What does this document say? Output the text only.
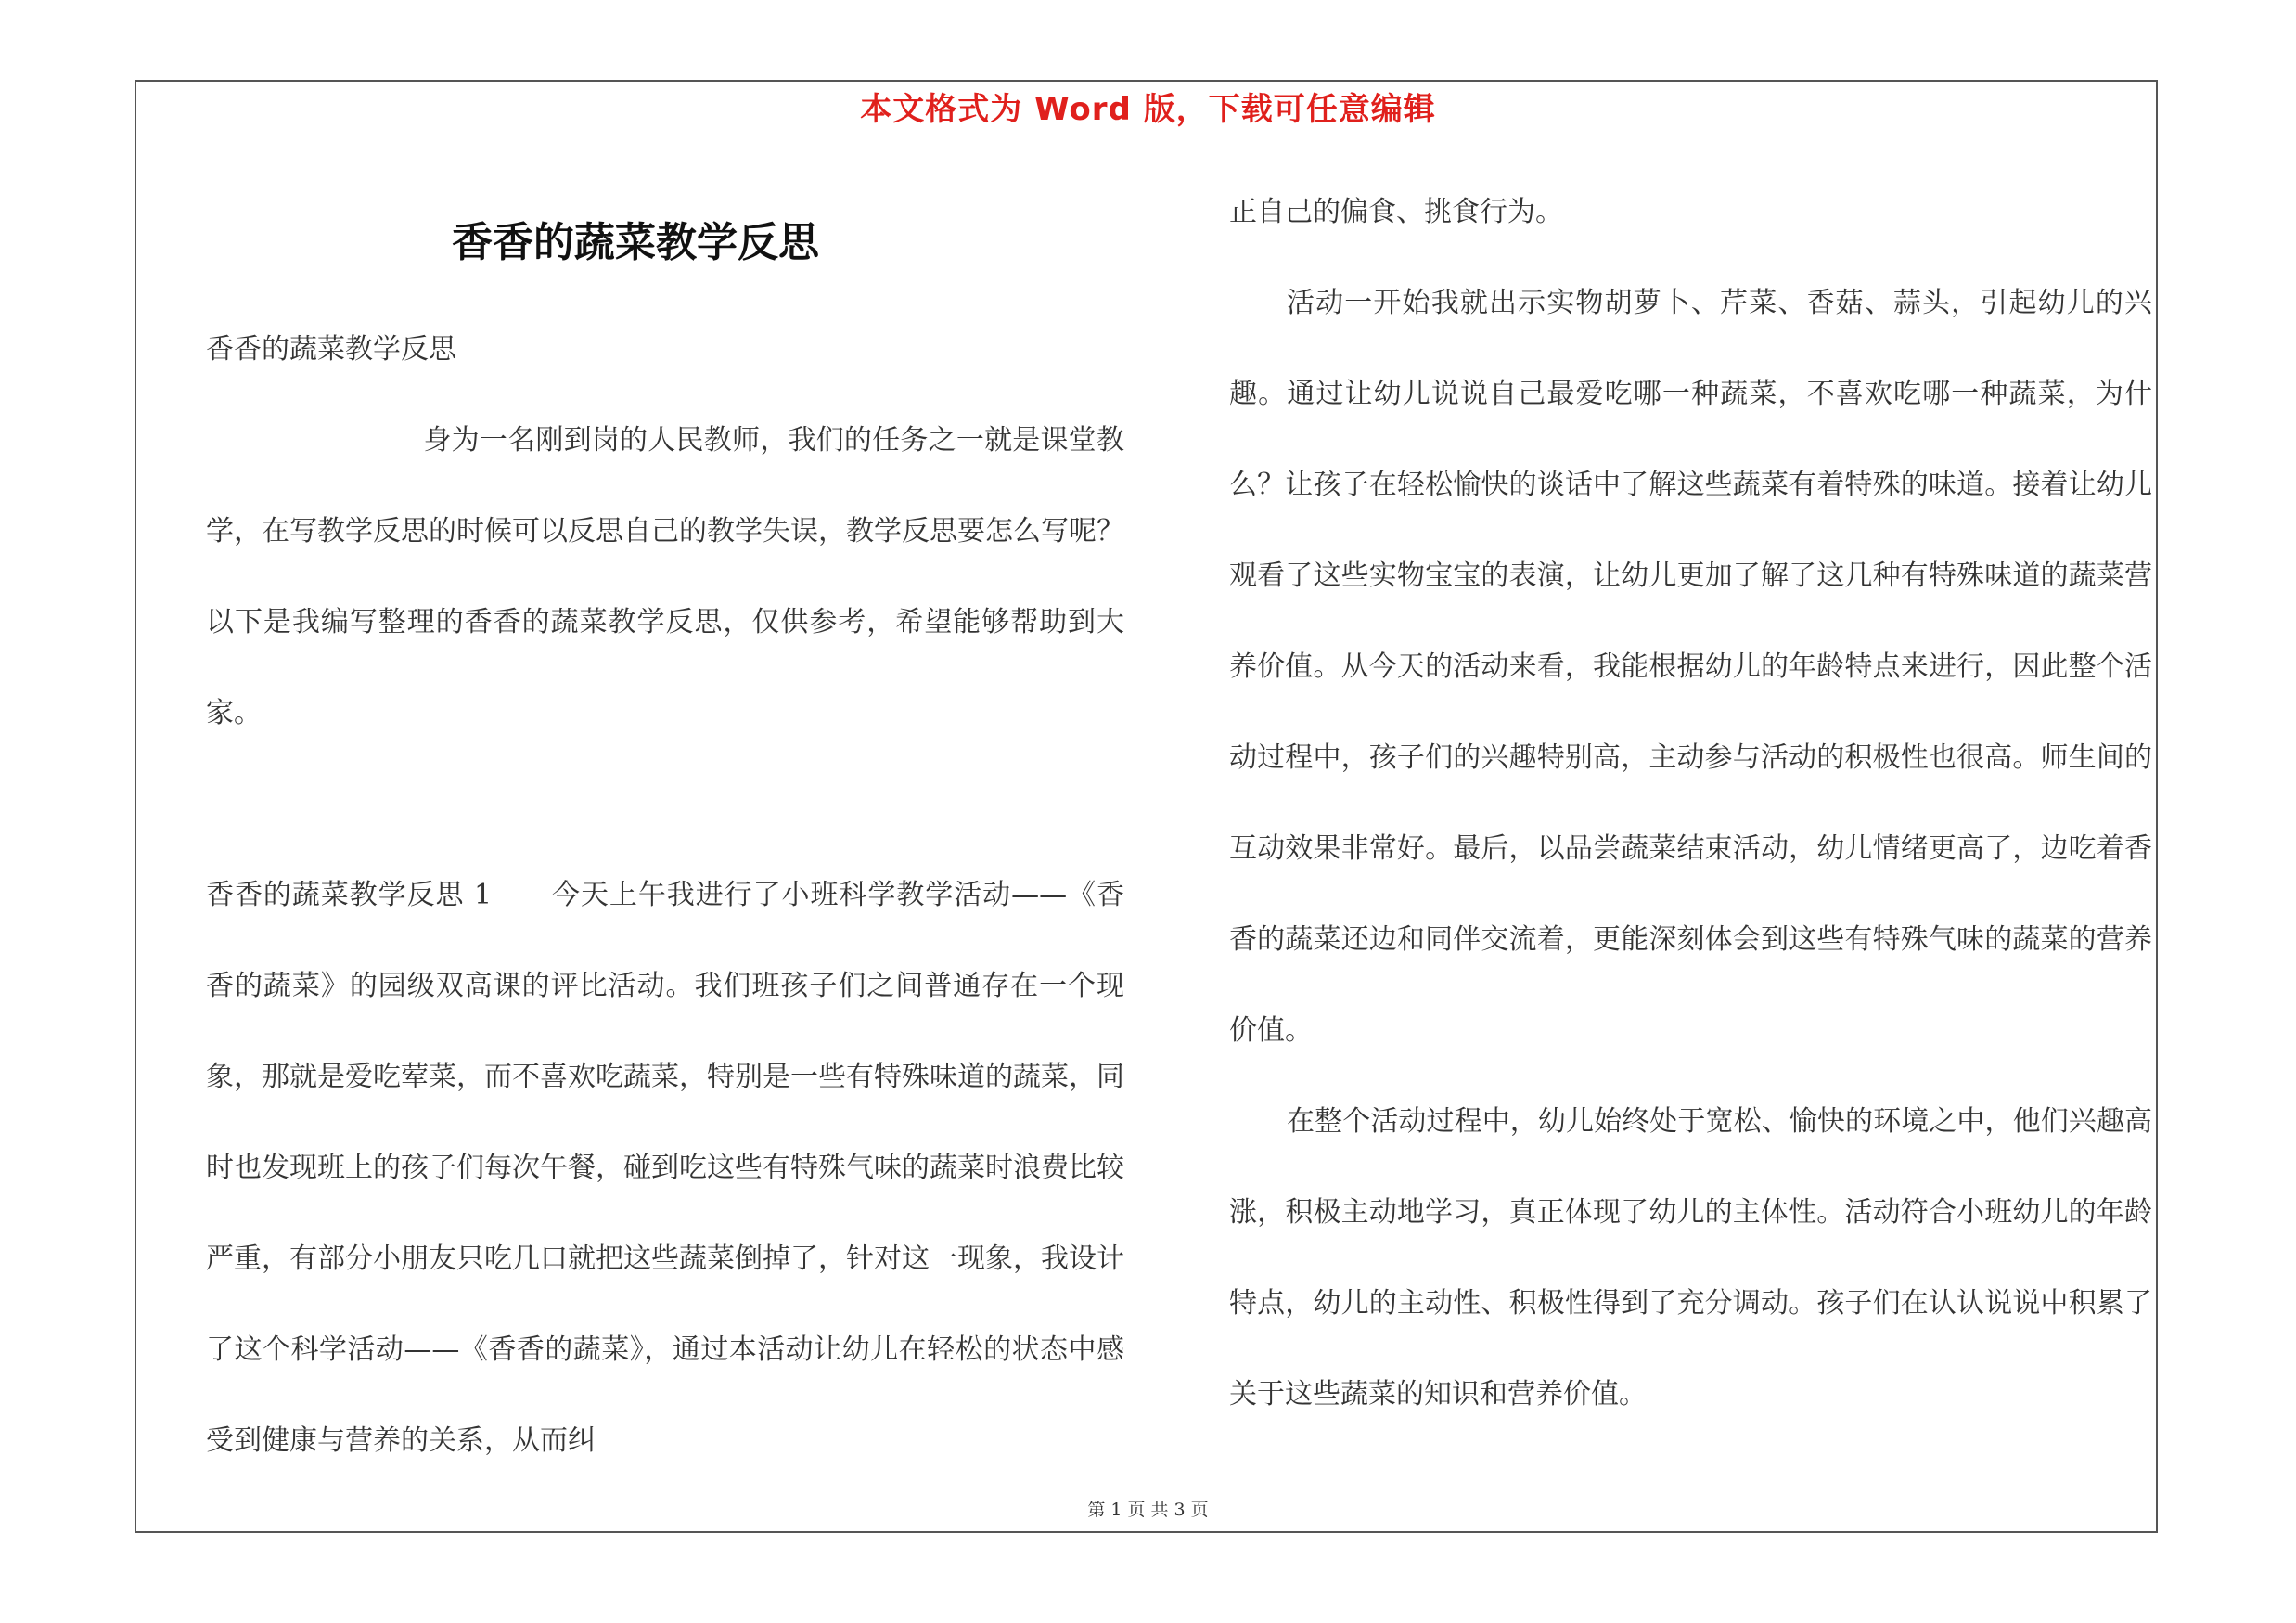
本文格式为 Word 版，下载可任意编辑
香香的蔬菜教学反思

香香的蔬菜教学反思

身为一名刚到岗的人民教师，我们的任务之一就是课堂教学，在写教学反思的时候可以反思自己的教学失误，教学反思要怎么写呢？以下是我编写整理的香香的蔬菜教学反思，仅供参考，希望能够帮助到大家。

香香的蔬菜教学反思 1 今天上午我进行了小班科学教学活动——《香香的蔬菜》的园级双高课的评比活动。我们班孩子们之间普通存在一个现象，那就是爱吃荤菜，而不喜欢吃蔬菜，特别是一些有特殊味道的蔬菜，同时也发现班上的孩子们每次午餐，碰到吃这些有特殊气味的蔬菜时浪费比较严重，有部分小朋友只吃几口就把这些蔬菜倒掉了，针对这一现象，我设计了这个科学活动——《香香的蔬菜》，通过本活动让幼儿在轻松的状态中感受到健康与营养的关系，从而纠

正自己的偏食、挑食行为。

活动一开始我就出示实物胡萝卜、芹菜、香菇、蒜头，引起幼儿的兴趣。通过让幼儿说说自己最爱吃哪一种蔬菜，不喜欢吃哪一种蔬菜，为什么？让孩子在轻松愉快的谈话中了解这些蔬菜有着特殊的味道。接着让幼儿观看了这些实物宝宝的表演，让幼儿更加了解了这几种有特殊味道的蔬菜营养价值。从今天的活动来看，我能根据幼儿的年龄特点来进行，因此整个活动过程中，孩子们的兴趣特别高，主动参与活动的积极性也很高。师生间的互动效果非常好。最后，以品尝蔬菜结束活动，幼儿情绪更高了，边吃着香香的蔬菜还边和同伴交流着，更能深刻体会到这些有特殊气味的蔬菜的营养价值。

在整个活动过程中，幼儿始终处于宽松、愉快的环境之中，他们兴趣高涨，积极主动地学习，真正体现了幼儿的主体性。活动符合小班幼儿的年龄特点，幼儿的主动性、积极性得到了充分调动。孩子们在认认说说中积累了关于这些蔬菜的知识和营养价值。

第 1 页 共 3 页
